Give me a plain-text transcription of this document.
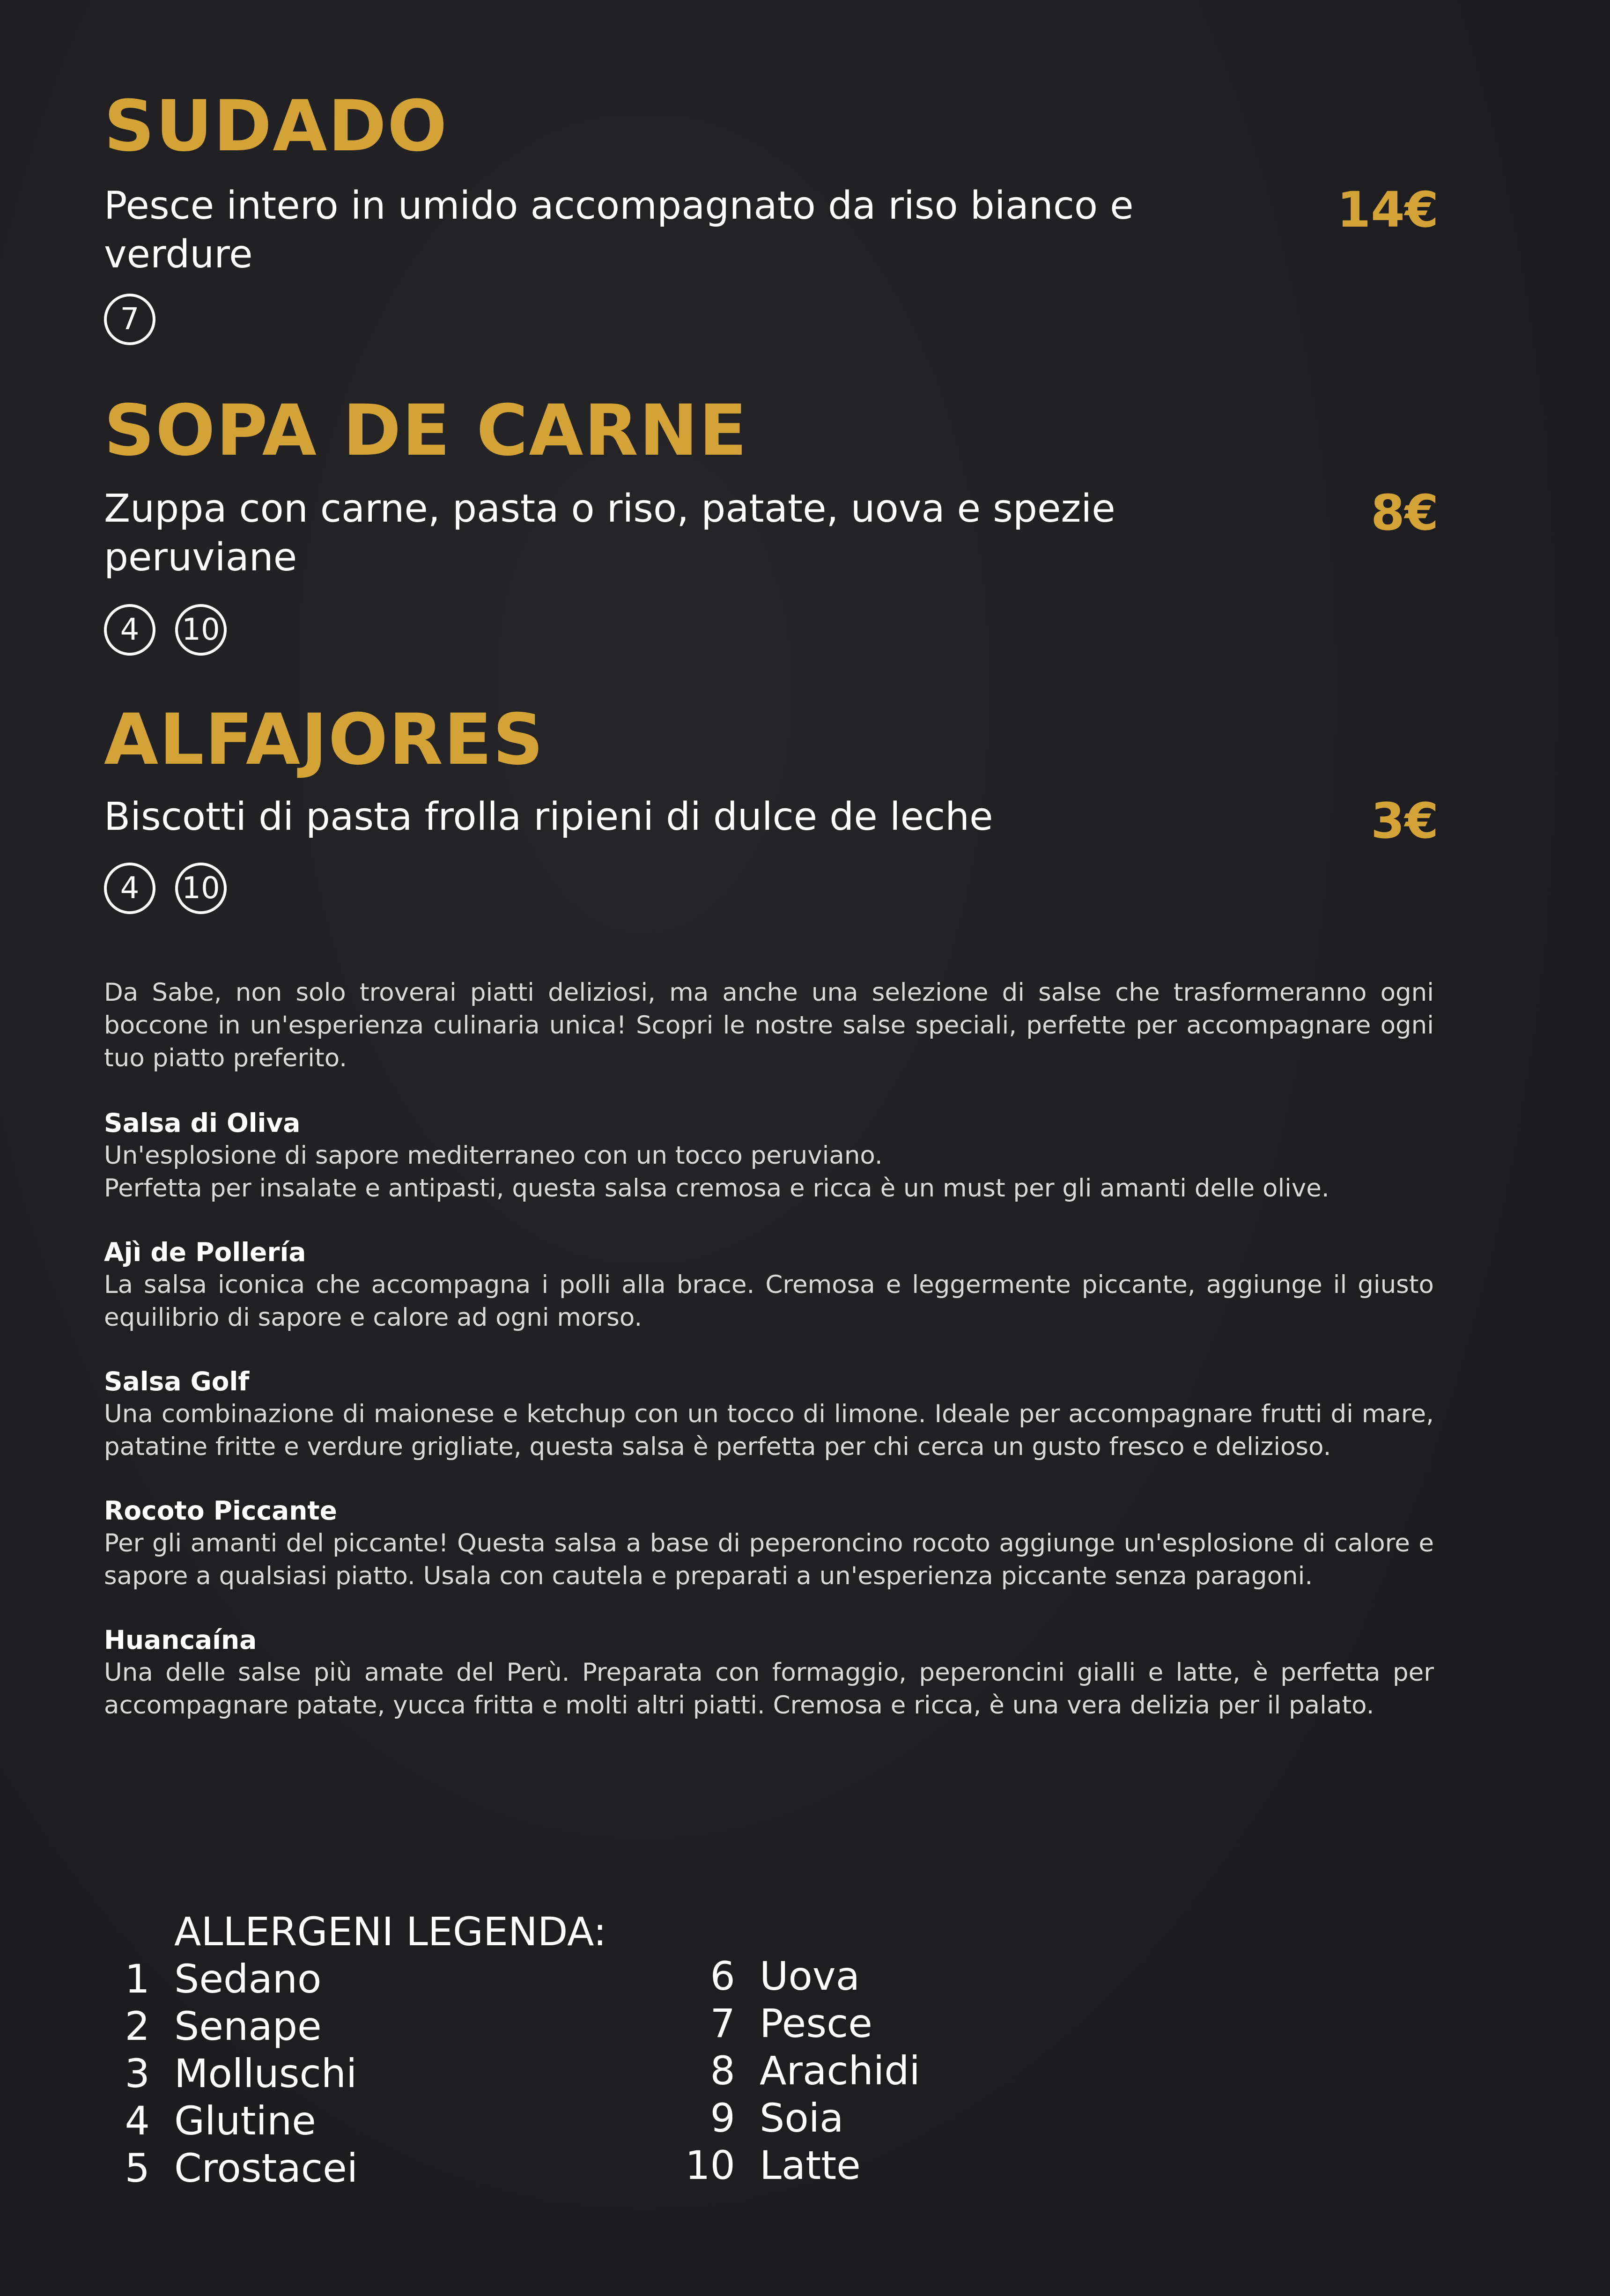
SUDADO
Pesce intero in umido accompagnato da riso bianco e verdure
14€
7
SOPA DE CARNE
Zuppa con carne, pasta o riso, patate, uova e spezie peruviane
8€
4	10
ALFAJORES
Biscotti di pasta frolla ripieni di dulce de leche	3€
4	10

Da Sabe, non solo troverai piatti deliziosi, ma anche una selezione di salse che trasformeranno ogni boccone in un'esperienza culinaria unica! Scopri le nostre salse speciali, perfette per accompagnare ogni tuo piatto preferito.

Salsa di Oliva

Un'esplosione di sapore mediterraneo con un tocco peruviano.

Perfetta per insalate e antipasti, questa salsa cremosa e ricca è un must per gli amanti delle olive.

Ajì de Pollería

La salsa iconica che accompagna i polli alla brace. Cremosa e leggermente piccante, aggiunge il giusto equilibrio di sapore e calore ad ogni morso.

Salsa Golf

Una combinazione di maionese e ketchup con un tocco di limone. Ideale per accompagnare frutti di mare, patatine fritte e verdure grigliate, questa salsa è perfetta per chi cerca un gusto fresco e delizioso.

Rocoto Piccante

Per gli amanti del piccante! Questa salsa a base di peperoncino rocoto aggiunge un'esplosione di calore e sapore a qualsiasi piatto. Usala con cautela e preparati a un'esperienza piccante senza paragoni.

Huancaína

Una delle salse più amate del Perù. Preparata con formaggio, peperoncini gialli e latte, è perfetta per accompagnare patate, yucca fritta e molti altri piatti. Cremosa e ricca, è una vera delizia per il palato.

ALLERGENI LEGENDA:
1 Sedano
2 Senape
3 Molluschi
4 Glutine
5 Crostacei
6 Uova
7 Pesce
8 Arachidi
9 Soia
10 Latte
